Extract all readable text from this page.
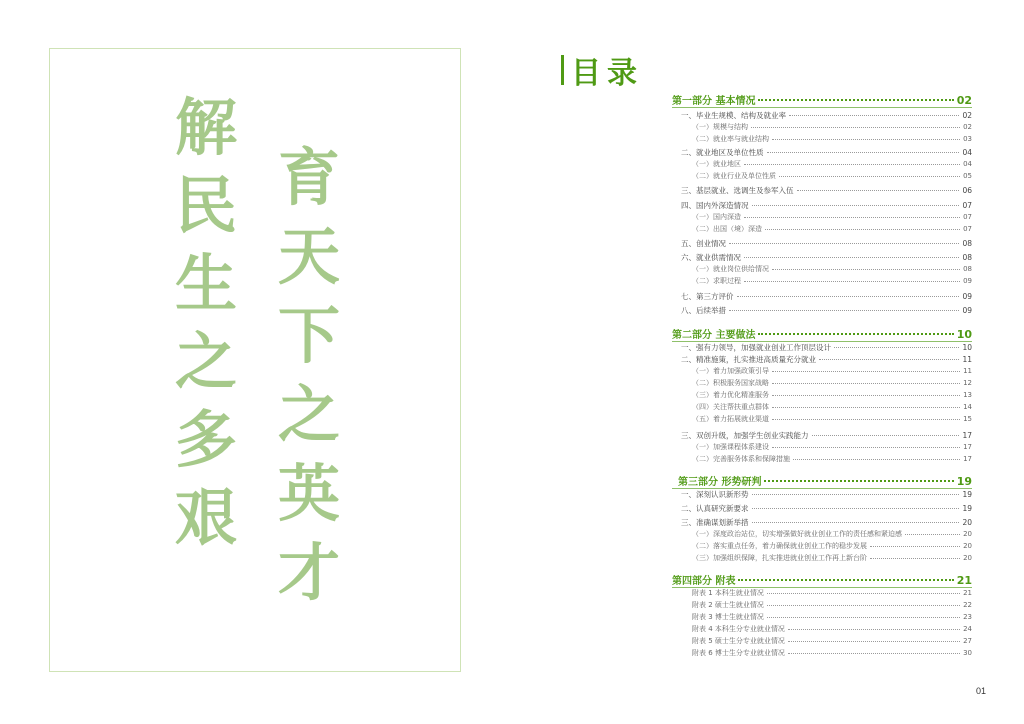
解
民
生
之
多
艰
育
天
下
之
英
才
目录
第一部分 基本情况	02
一、毕业生规模、结构及就业率	02
（一）规模与结构	02
（二）就业率与就业结构	03
二、就业地区及单位性质	04
（一）就业地区	04
（二）就业行业及单位性质	05
三、基层就业、选调生及参军入伍	06
四、国内外深造情况	07
（一）国内深造	07
（二）出国（境）深造	07
五、创业情况	08
六、就业供需情况	08
（一）就业岗位供给情况	08
（二）求职过程	09
七、第三方评价	09
八、后续举措	09
第二部分 主要做法	10
一、强有力领导，加强就业创业工作顶层设计	10
二、精准施策，扎实推进高质量充分就业	11
（一）着力加强政策引导	11
（二）积极服务国家战略	12
（三）着力优化精准服务	13
（四）关注帮扶重点群体	14
（五）着力拓展就业渠道	15
三、双创升级，加强学生创业实践能力	17
（一）加强课程体系建设	17
（二）完善服务体系和保障措施	17
第三部分 形势研判	19
一、深刻认识新形势	19
二、认真研究新要求	19
三、准确谋划新举措	20
（一）深度政治站位，切实增强做好就业创业工作的责任感和紧迫感	20
（二）落实重点任务，着力确保就业创业工作的稳步发展	20
（三）加强组织保障，扎实推进就业创业工作再上新台阶	20
第四部分 附表	21
附表 1 本科生就业情况	21
附表 2 硕士生就业情况	22
附表 3 博士生就业情况	23
附表 4 本科生分专业就业情况	24
附表 5 硕士生分专业就业情况	27
附表 6 博士生分专业就业情况	30
01
